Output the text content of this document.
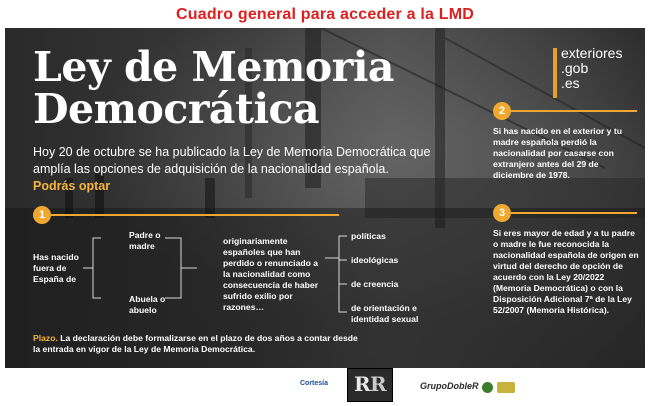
Cuadro general para acceder a la LMD
Ley de Memoria
Democrática
exteriores
.gob
.es
Hoy 20 de octubre se ha publicado la Ley de Memoria Democrática que amplía las opciones de adquisición de la nacionalidad española. Podrás optar
1
2
3
Has nacido fuera de España de
Padre o madre
Abuela o abuelo
originariamente españoles que han perdido o renunciado a la nacionalidad como consecuencia de haber sufrido exilio por razones…
políticas
ideológicas
de creencia
de orientación e identidad sexual
Si has nacido en el exterior y tu madre española perdió la nacionalidad por casarse con extranjero antes del 29 de diciembre de 1978.
Si eres mayor de edad y a tu padre o madre le fue reconocida la nacionalidad española de origen en virtud del derecho de opción de acuerdo con la Ley 20/2022 (Memoria Democrática) o con la Disposición Adicional 7ª de la Ley 52/2007 (Memoria Histórica).
Plazo. La declaración debe formalizarse en el plazo de dos años a contar desde la entrada en vigor de la Ley de Memoria Democrática.
Cortesía R R	GrupoDobleR
